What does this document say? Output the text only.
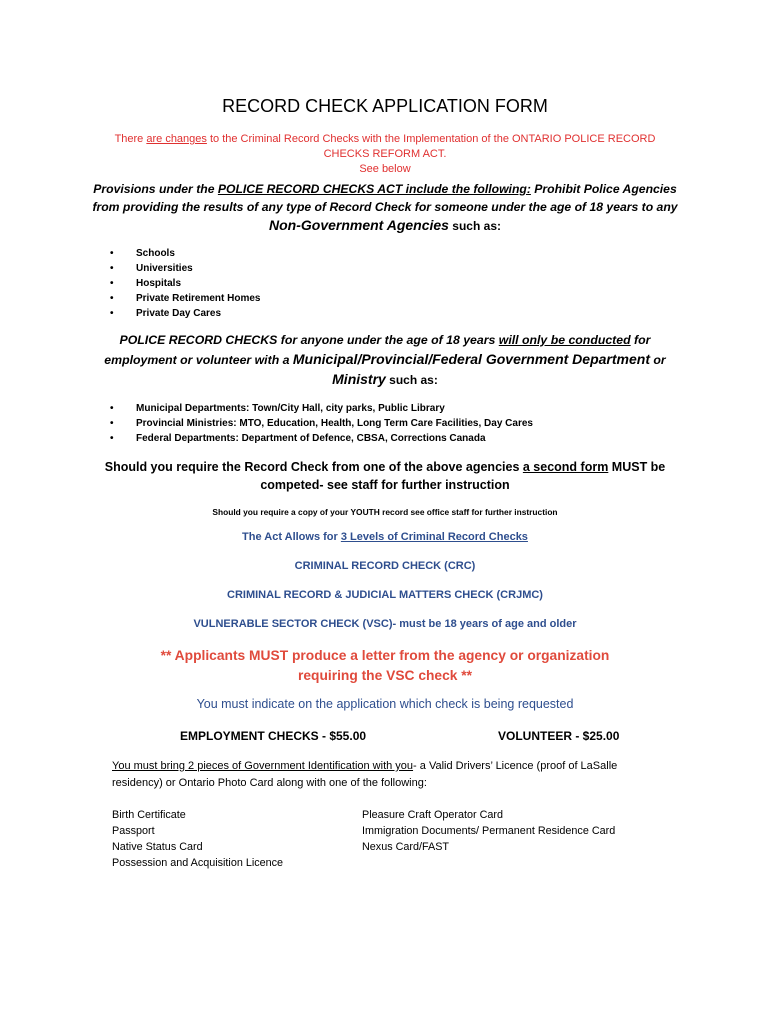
RECORD CHECK APPLICATION FORM
There are changes to the Criminal Record Checks with the Implementation of the ONTARIO POLICE RECORD CHECKS REFORM ACT.
See below
Provisions under the POLICE RECORD CHECKS ACT include the following: Prohibit Police Agencies from providing the results of any type of Record Check for someone under the age of 18 years to any Non-Government Agencies such as:
• Schools
• Universities
• Hospitals
• Private Retirement Homes
• Private Day Cares
POLICE RECORD CHECKS for anyone under the age of 18 years will only be conducted for employment or volunteer with a Municipal/Provincial/Federal Government Department or Ministry such as:
• Municipal Departments: Town/City Hall, city parks, Public Library
• Provincial Ministries: MTO, Education, Health, Long Term Care Facilities, Day Cares
• Federal Departments: Department of Defence, CBSA, Corrections Canada
Should you require the Record Check from one of the above agencies a second form MUST be competed- see staff for further instruction
Should you require a copy of your YOUTH record see office staff for further instruction
The Act Allows for 3 Levels of Criminal Record Checks
CRIMINAL RECORD CHECK (CRC)
CRIMINAL RECORD & JUDICIAL MATTERS CHECK (CRJMC)
VULNERABLE SECTOR CHECK (VSC)- must be 18 years of age and older
** Applicants MUST produce a letter from the agency or organization requiring the VSC check **
You must indicate on the application which check is being requested
EMPLOYMENT CHECKS - $55.00	VOLUNTEER - $25.00
You must bring 2 pieces of Government Identification with you- a Valid Drivers’ Licence (proof of LaSalle residency) or Ontario Photo Card along with one of the following:
Birth Certificate
Passport
Native Status Card
Possession and Acquisition Licence
Pleasure Craft Operator Card
Immigration Documents/ Permanent Residence Card
Nexus Card/FAST
